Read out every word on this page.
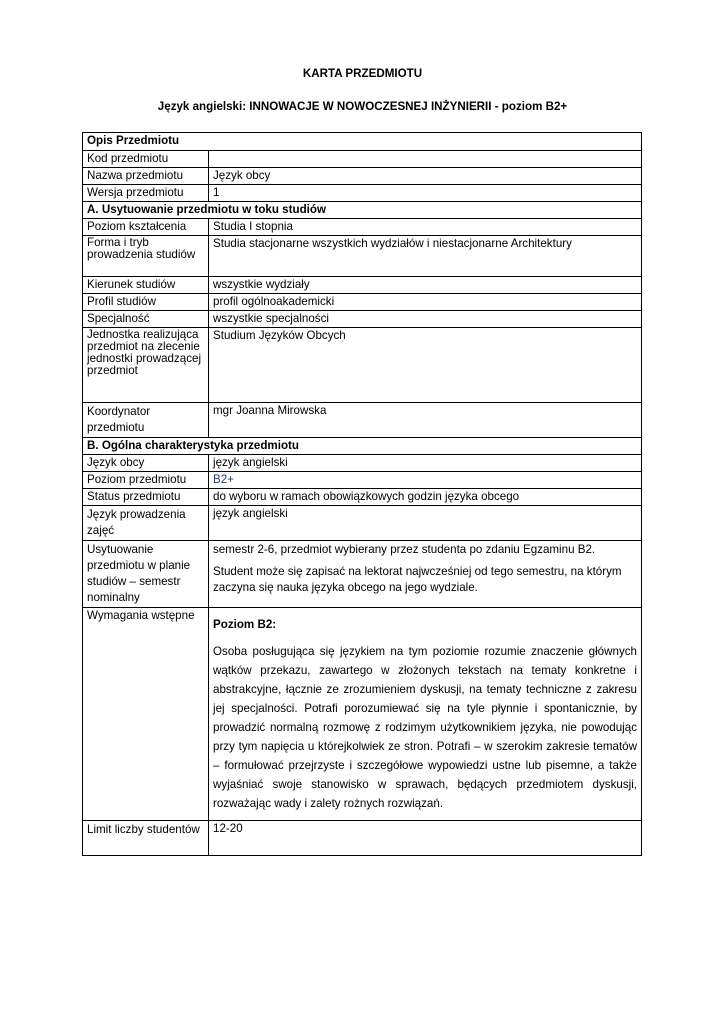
KARTA PRZEDMIOTU
Język angielski: INNOWACJE W NOWOCZESNEJ INŻYNIERII - poziom B2+
Opis Przedmiotu	
Kod przedmiotu	
Nazwa przedmiotu	Język obcy
Wersja przedmiotu	1
A. Usytuowanie przedmiotu w toku studiów	
Poziom kształcenia	Studia I stopnia
Forma i tryb prowadzenia studiów	Studia stacjonarne wszystkich wydziałów i niestacjonarne Architektury
Kierunek studiów	wszystkie wydziały
Profil studiów	profil ogólnoakademicki
Specjalność	wszystkie specjalności
Jednostka realizująca przedmiot na zlecenie jednostki prowadzącej przedmiot	Studium Języków Obcych
Koordynator przedmiotu	mgr Joanna Mirowska
B. Ogólna charakterystyka przedmiotu	
Język obcy	język angielski
Poziom przedmiotu	B2+
Status przedmiotu	do wyboru w ramach obowiązkowych godzin języka obcego
Język prowadzenia zajęć	język angielski
Usytuowanie przedmiotu w planie studiów – semestr nominalny	semestr 2-6, przedmiot wybierany przez studenta po zdaniu Egzaminu B2.

Student może się zapisać na lektorat najwcześniej od tego semestru, na którym zaczyna się nauka języka obcego na jego wydziale.

Wymagania wstępne	Poziom B2:

Osoba posługująca się językiem na tym poziomie rozumie znaczenie głównych wątków przekazu, zawartego w złożonych tekstach na tematy konkretne i abstrakcyjne, łącznie ze zrozumieniem dyskusji, na tematy techniczne z zakresu jej specjalności. Potrafi porozumiewać się na tyle płynnie i spontanicznie, by prowadzić normalną rozmowę z rodzimym użytkownikiem języka, nie powodując przy tym napięcia u którejkolwiek ze stron. Potrafi – w szerokim zakresie tematów – formułować przejrzyste i szczegółowe wypowiedzi ustne lub pisemne, a także wyjaśniać swoje stanowisko w sprawach, będących przedmiotem dyskusji, rozważając wady i zalety rożnych rozwiązań.

Limit liczby studentów	12-20
